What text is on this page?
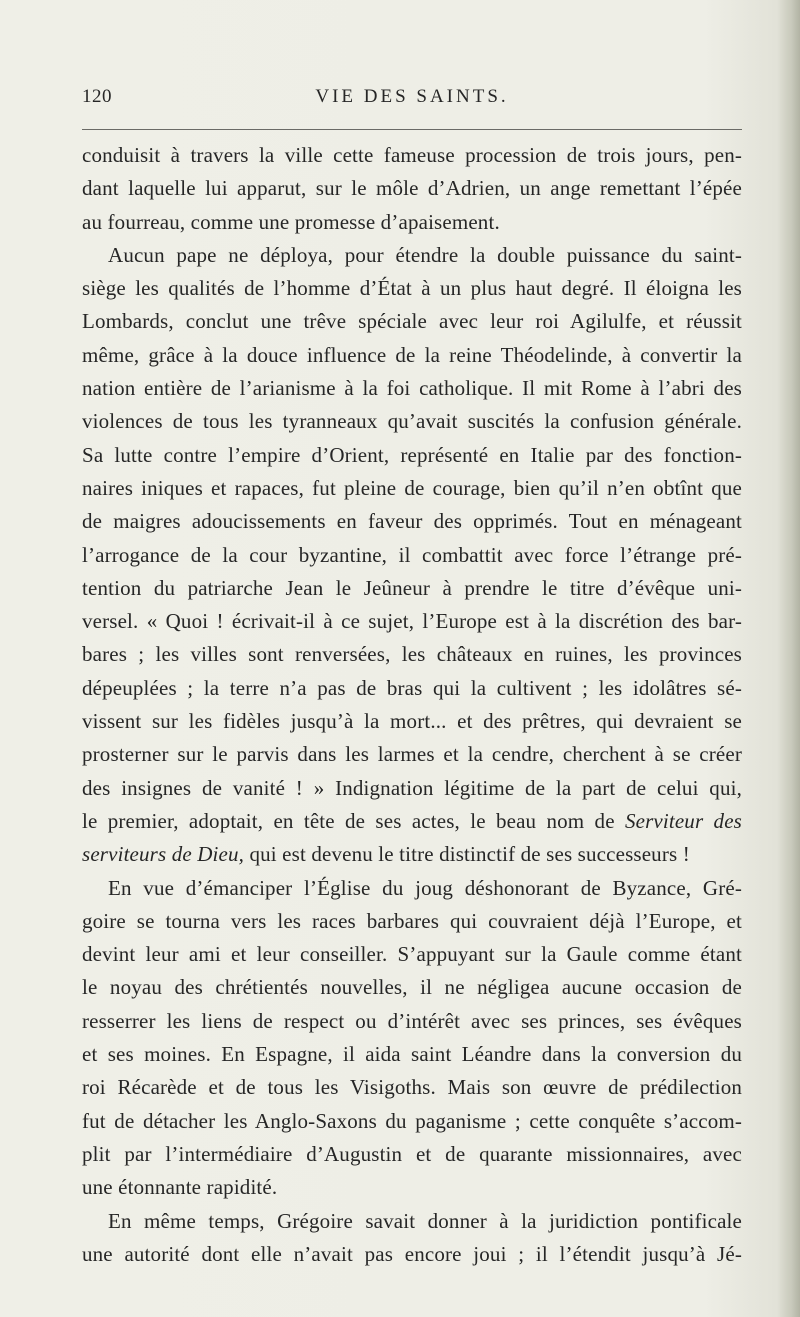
120	VIE DES SAINTS.
conduisit à travers la ville cette fameuse procession de trois jours, pen-
dant laquelle lui apparut, sur le môle d’Adrien, un ange remettant l’épée
au fourreau, comme une promesse d’apaisement.
Aucun pape ne déploya, pour étendre la double puissance du saint-
siège les qualités de l’homme d’État à un plus haut degré. Il éloigna les
Lombards, conclut une trêve spéciale avec leur roi Agilulfe, et réussit
même, grâce à la douce influence de la reine Théodelinde, à convertir la
nation entière de l’arianisme à la foi catholique. Il mit Rome à l’abri des
violences de tous les tyranneaux qu’avait suscités la confusion générale.
Sa lutte contre l’empire d’Orient, représenté en Italie par des fonction-
naires iniques et rapaces, fut pleine de courage, bien qu’il n’en obtînt que
de maigres adoucissements en faveur des opprimés. Tout en ménageant
l’arrogance de la cour byzantine, il combattit avec force l’étrange pré-
tention du patriarche Jean le Jeûneur à prendre le titre d’évêque uni-
versel. « Quoi ! écrivait-il à ce sujet, l’Europe est à la discrétion des bar-
bares ; les villes sont renversées, les châteaux en ruines, les provinces
dépeuplées ; la terre n’a pas de bras qui la cultivent ; les idolâtres sé-
vissent sur les fidèles jusqu’à la mort... et des prêtres, qui devraient se
prosterner sur le parvis dans les larmes et la cendre, cherchent à se créer
des insignes de vanité ! » Indignation légitime de la part de celui qui,
le premier, adoptait, en tête de ses actes, le beau nom de Serviteur des
serviteurs de Dieu, qui est devenu le titre distinctif de ses successeurs !
En vue d’émanciper l’Église du joug déshonorant de Byzance, Gré-
goire se tourna vers les races barbares qui couvraient déjà l’Europe, et
devint leur ami et leur conseiller. S’appuyant sur la Gaule comme étant
le noyau des chrétientés nouvelles, il ne négligea aucune occasion de
resserrer les liens de respect ou d’intérêt avec ses princes, ses évêques
et ses moines. En Espagne, il aida saint Léandre dans la conversion du
roi Récarède et de tous les Visigoths. Mais son œuvre de prédilection
fut de détacher les Anglo-Saxons du paganisme ; cette conquête s’accom-
plit par l’intermédiaire d’Augustin et de quarante missionnaires, avec
une étonnante rapidité.
En même temps, Grégoire savait donner à la juridiction pontificale
une autorité dont elle n’avait pas encore joui ; il l’étendit jusqu’à Jé-
